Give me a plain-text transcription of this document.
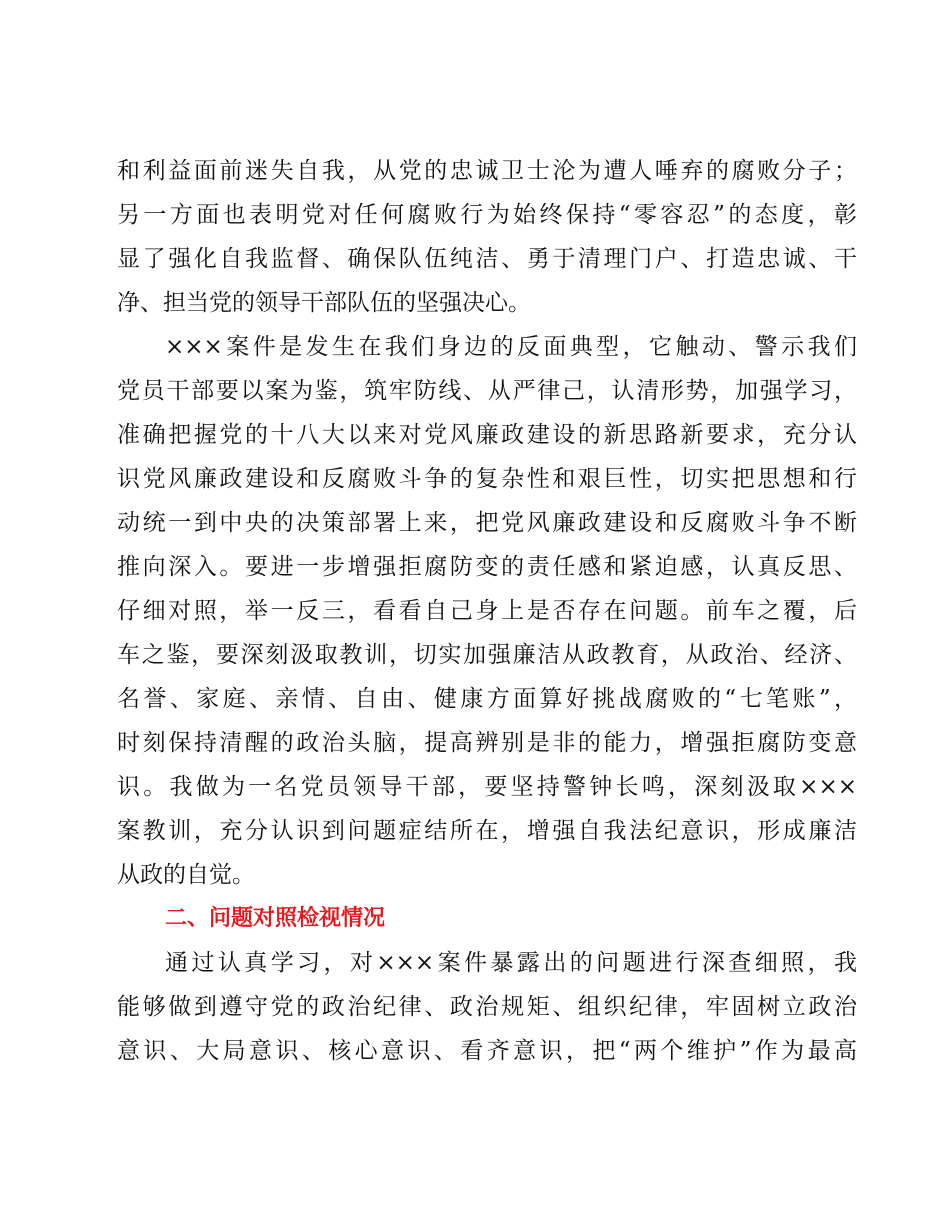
和利益面前迷失自我，从党的忠诚卫士沦为遭人唾弃的腐败分子；
另一方面也表明党对任何腐败行为始终保持“零容忍”的态度，彰
显了强化自我监督、确保队伍纯洁、勇于清理门户、打造忠诚、干
净、担当党的领导干部队伍的坚强决心。
×××案件是发生在我们身边的反面典型，它触动、警示我们
党员干部要以案为鉴，筑牢防线、从严律己，认清形势，加强学习，
准确把握党的十八大以来对党风廉政建设的新思路新要求，充分认
识党风廉政建设和反腐败斗争的复杂性和艰巨性，切实把思想和行
动统一到中央的决策部署上来，把党风廉政建设和反腐败斗争不断
推向深入。要进一步增强拒腐防变的责任感和紧迫感，认真反思、
仔细对照，举一反三，看看自己身上是否存在问题。前车之覆，后
车之鉴，要深刻汲取教训，切实加强廉洁从政教育，从政治、经济、
名誉、家庭、亲情、自由、健康方面算好挑战腐败的“七笔账”，
时刻保持清醒的政治头脑，提高辨别是非的能力，增强拒腐防变意
识。我做为一名党员领导干部，要坚持警钟长鸣，深刻汲取×××
案教训，充分认识到问题症结所在，增强自我法纪意识，形成廉洁
从政的自觉。
二、问题对照检视情况
通过认真学习，对×××案件暴露出的问题进行深查细照，我
能够做到遵守党的政治纪律、政治规矩、组织纪律，牢固树立政治
意识、大局意识、核心意识、看齐意识，把“两个维护”作为最高
